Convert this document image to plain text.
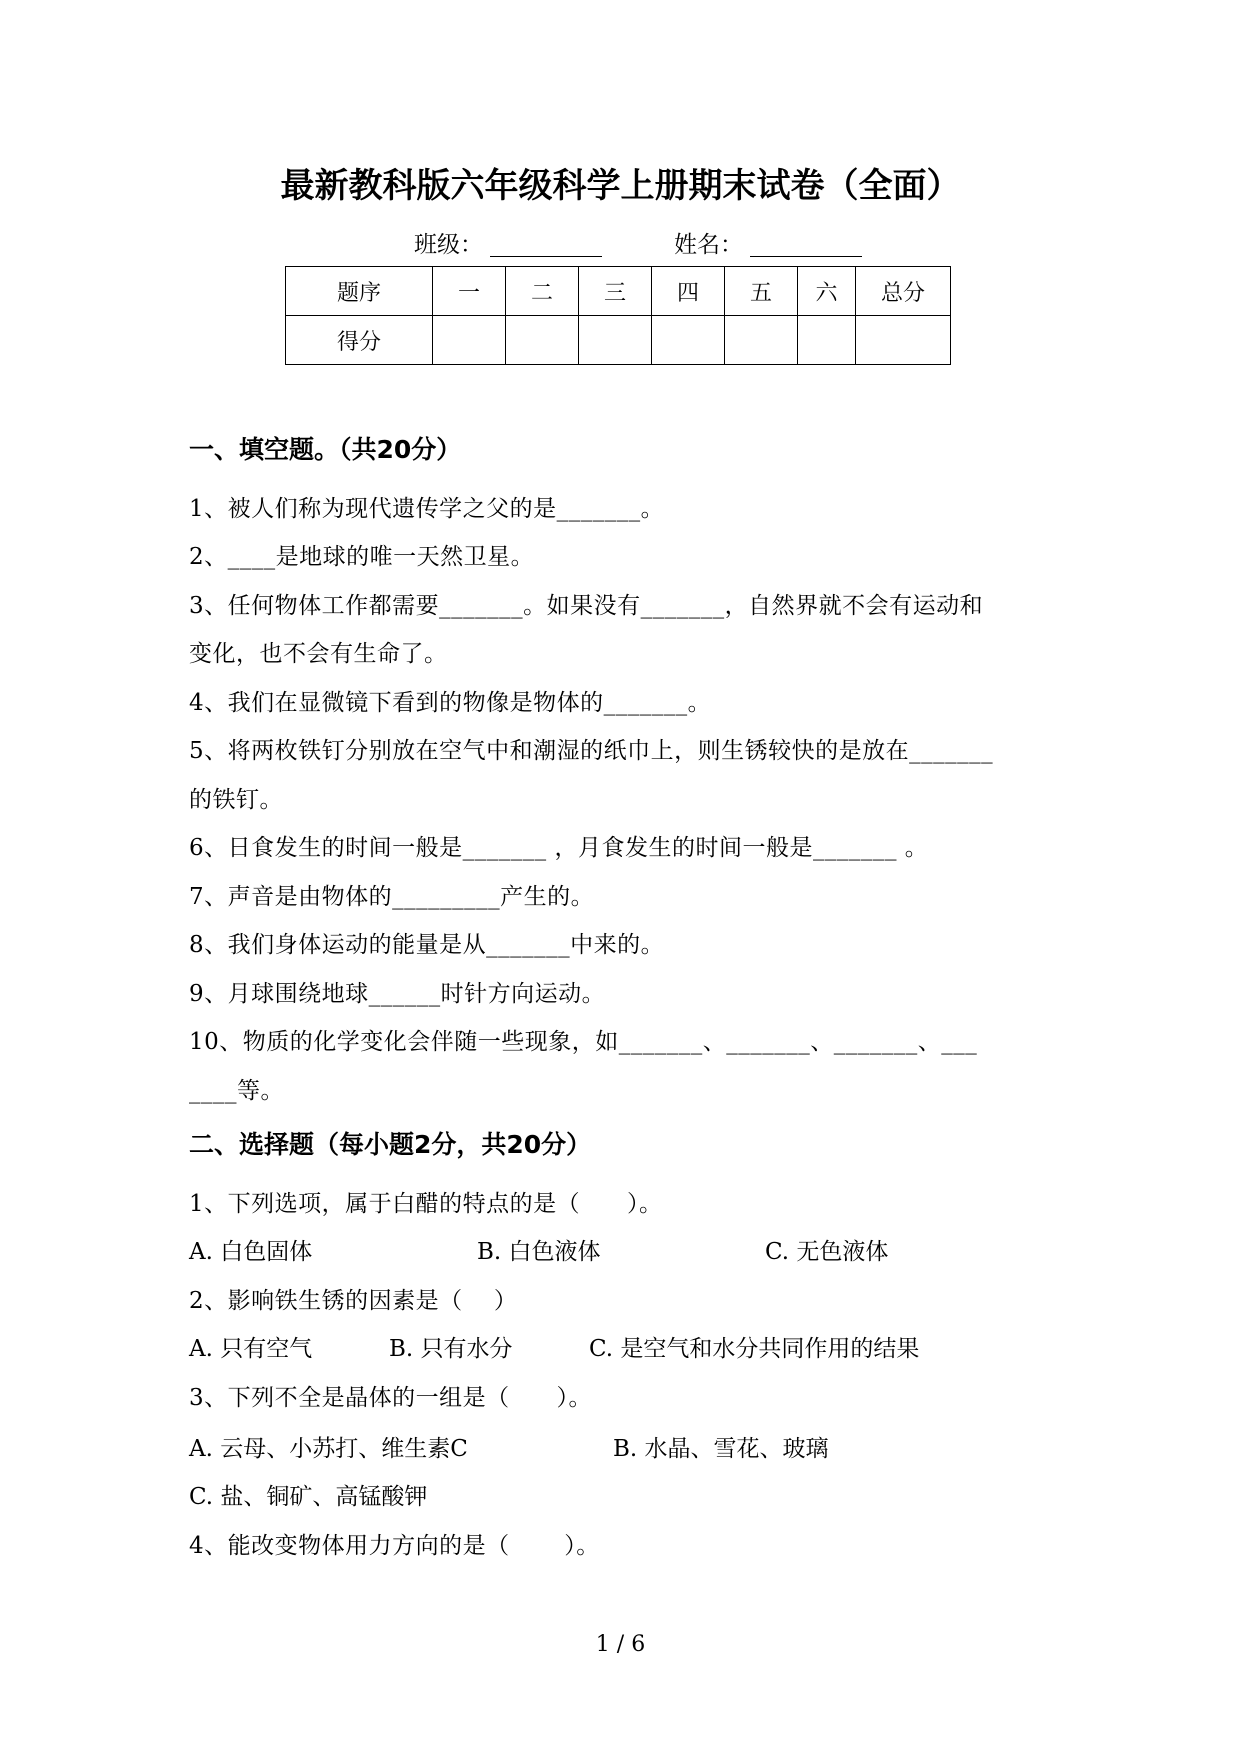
最新教科版六年级科学上册期末试卷（全面）
班级：	姓名：
题序	一	二	三	四	五	六	总分
得分							
一、填空题。（共20分）
1、被人们称为现代遗传学之父的是_______。
2、____是地球的唯一天然卫星。
3、任何物体工作都需要_______。如果没有_______，自然界就不会有运动和
变化，也不会有生命了。
4、我们在显微镜下看到的物像是物体的_______。
5、将两枚铁钉分别放在空气中和潮湿的纸巾上，则生锈较快的是放在_______
的铁钉。
6、日食发生的时间一般是_______ ，月食发生的时间一般是_______ 。
7、声音是由物体的_________产生的。
8、我们身体运动的能量是从_______中来的。
9、月球围绕地球______时针方向运动。
10、物质的化学变化会伴随一些现象，如_______、_______、_______、___
____等。
二、选择题（每小题2分，共20分）
1、下列选项，属于白醋的特点的是（      ）。
A. 白色固体	B. 白色液体	C. 无色液体
2、影响铁生锈的因素是（    ）
A. 只有空气	B. 只有水分	C. 是空气和水分共同作用的结果
3、下列不全是晶体的一组是（      ）。
A. 云母、小苏打、维生素C	B. 水晶、雪花、玻璃
C. 盐、铜矿、高锰酸钾
4、能改变物体用力方向的是（       ）。
1 / 6
